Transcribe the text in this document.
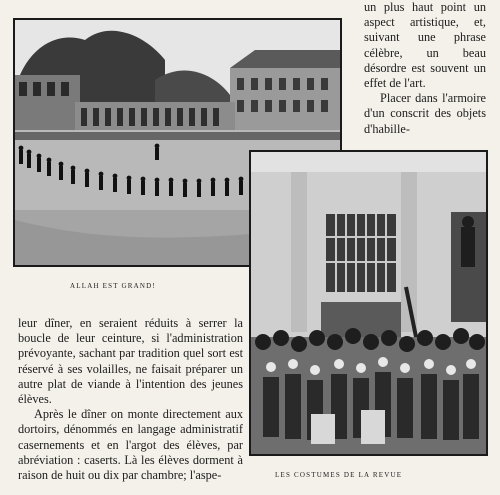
un plus haut point un aspect artistique, et, suivant une phrase célèbre, un beau désordre est souvent un effet de l'art.

Placer dans l'armoire d'un conscrit des objets d'habille-

ALLAH EST GRAND!
LES COSTUMES DE LA REVUE

leur dîner, en seraient réduits à serrer la boucle de leur ceinture, si l'administration prévoyante, sachant par tradition quel sort est réservé à ses volailles, ne faisait préparer un autre plat de viande à l'intention des jeunes élèves.

Après le dîner on monte directement aux dortoirs, dénommés en langage administratif casernements et en l'argot des élèves, par abréviation : caserts. Là les élèves dorment à raison de huit ou dix par chambre; l'aspe-
